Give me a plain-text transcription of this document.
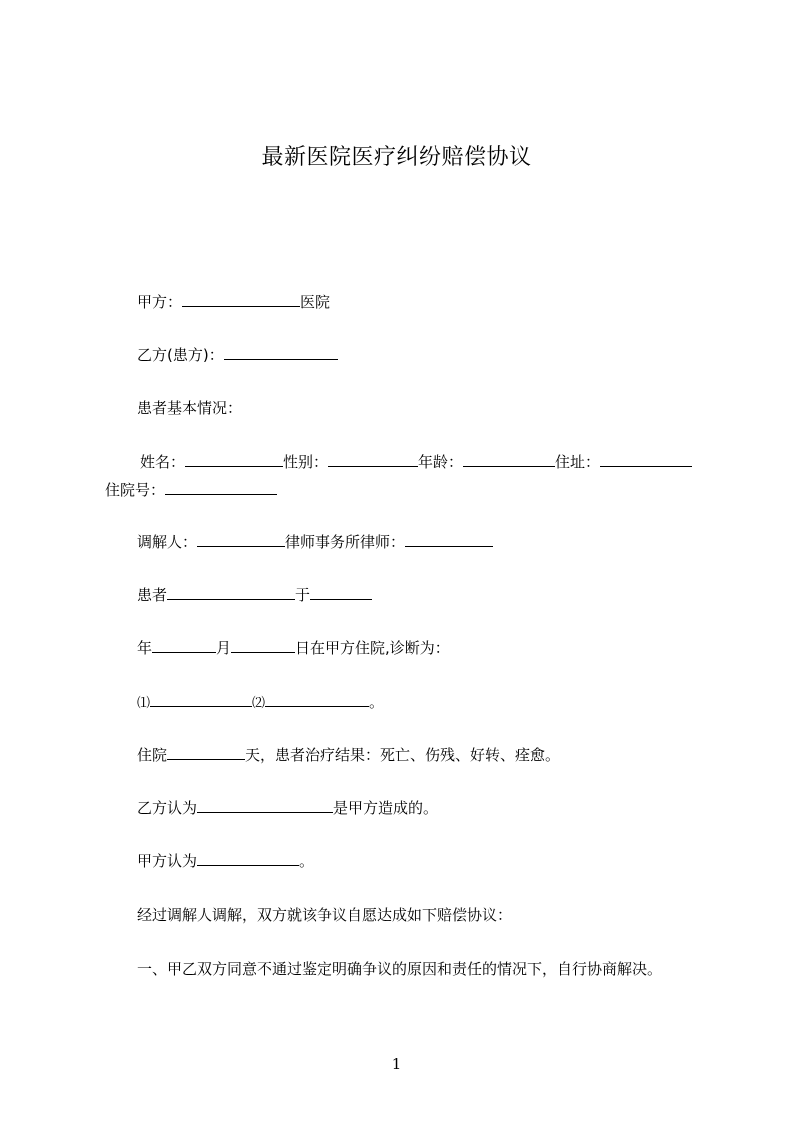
最新医院医疗纠纷赔偿协议
甲方：	医院
乙方(患方)：
患者基本情况：
姓名：	性别：	年龄：	住址：
住院号：
调解人：	律师事务所律师：
患者	于
年	月	日在甲方住院,诊断为：
⑴	⑵	。
住院	天，患者治疗结果：死亡、伤残、好转、痊愈。
乙方认为	是甲方造成的。
甲方认为	。
经过调解人调解，双方就该争议自愿达成如下赔偿协议：
一、甲乙双方同意不通过鉴定明确争议的原因和责任的情况下，自行协商解决。
1
